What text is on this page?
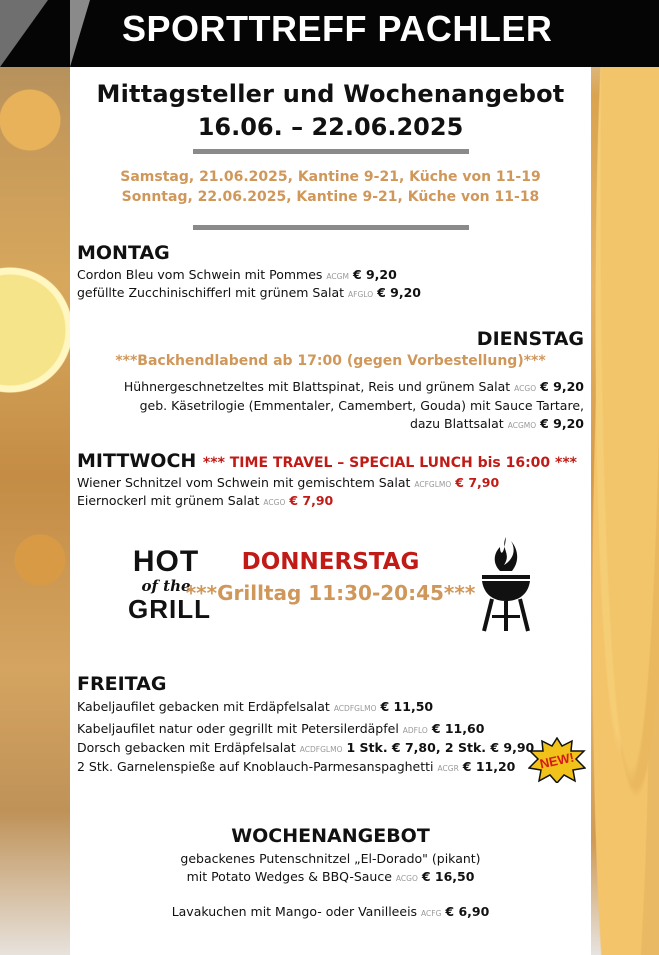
SPORTTREFF PACHLER
Mittagsteller und Wochenangebot
16.06. – 22.06.2025
Samstag, 21.06.2025, Kantine 9-21, Küche von 11-19
Sonntag, 22.06.2025, Kantine 9-21, Küche von 11-18
MONTAG
Cordon Bleu vom Schwein mit Pommes ACGM € 9,20
gefüllte Zucchinischifferl mit grünem Salat AFGLO € 9,20
DIENSTAG
***Backhendlabend ab 17:00 (gegen Vorbestellung)***
Hühnergeschnetzeltes mit Blattspinat, Reis und grünem Salat ACGO € 9,20
geb. Käsetrilogie (Emmentaler, Camembert, Gouda) mit Sauce Tartare,
dazu Blattsalat ACGMO € 9,20
MITTWOCH *** TIME TRAVEL – SPECIAL LUNCH bis 16:00 ***
Wiener Schnitzel vom Schwein mit gemischtem Salat ACFGLMO € 7,90
Eiernockerl mit grünem Salat ACGO € 7,90
HOT
of the
GRILL
DONNERSTAG
***Grilltag 11:30-20:45***
FREITAG
Kabeljaufilet gebacken mit Erdäpfelsalat ACDFGLMO € 11,50
Kabeljaufilet natur oder gegrillt mit Petersilerdäpfel ADFLO € 11,60
Dorsch gebacken mit Erdäpfelsalat ACDFGLMO 1 Stk. € 7,80, 2 Stk. € 9,90
2 Stk. Garnelenspieße auf Knoblauch-Parmesanspaghetti ACGR € 11,20 NEW!
WOCHENANGEBOT
gebackenes Putenschnitzel „El-Dorado" (pikant)
mit Potato Wedges & BBQ-Sauce ACGO € 16,50
Lavakuchen mit Mango- oder Vanilleeis ACFG € 6,90
